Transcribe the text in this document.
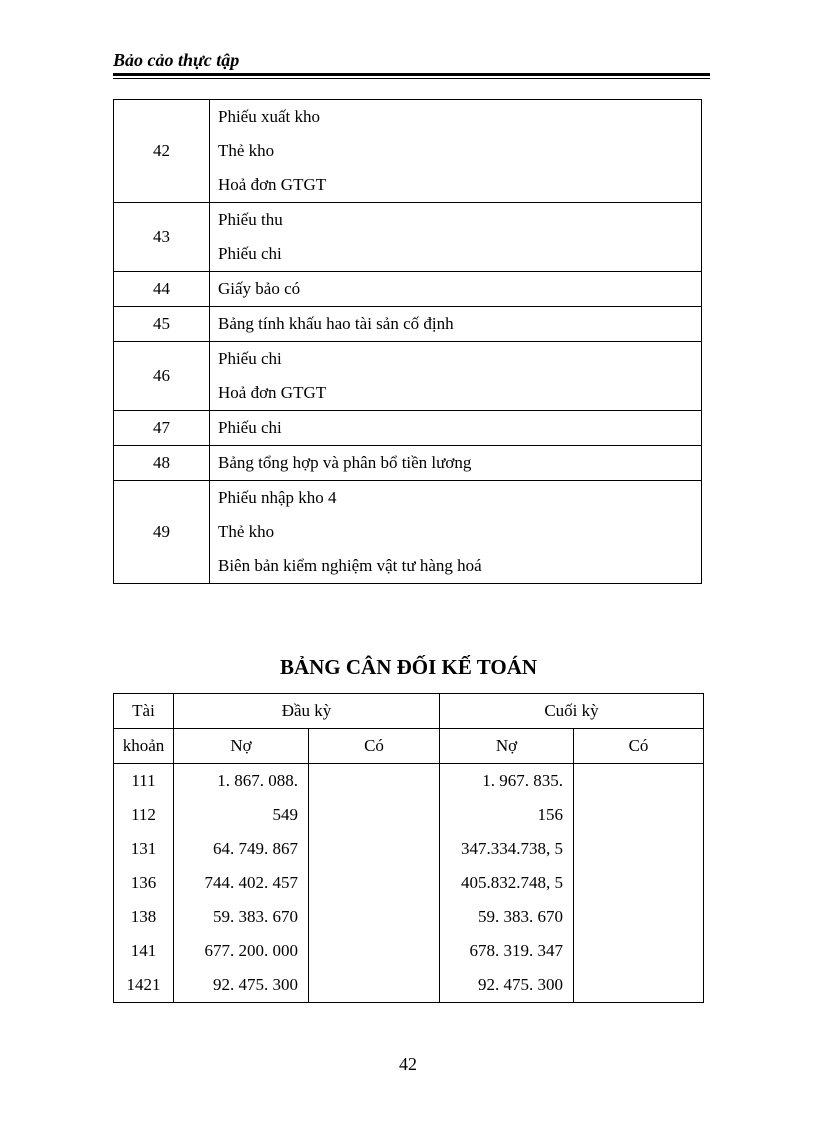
Bảo cảo thực tập
42	Phiếu xuất kho
Thẻ kho
Hoả đơn GTGT

43	Phiếu thu
Phiếu chi

44	Giấy bảo có

45	Bảng tính khấu hao tài sản cố định

46	Phiếu chi
Hoả đơn GTGT

47	Phiếu chi

48	Bảng tổng hợp và phân bổ tiền lương

49	Phiếu nhập kho 4
Thẻ kho
Biên bản kiểm nghiệm vật tư hàng hoá
BẢNG CÂN ĐỐI KẾ TOÁN
Tài	Đầu kỳ		Cuối kỳ	
khoản	Nợ	Có	Nợ	Có
111	1. 867. 088.		1. 967. 835.	
112	549		156	
131	64. 749. 867		347.334.738, 5	
136	744. 402. 457		405.832.748, 5	
138	59. 383. 670		59. 383. 670	
141	677. 200. 000		678. 319. 347	
1421	92. 475. 300		92. 475. 300	
42
